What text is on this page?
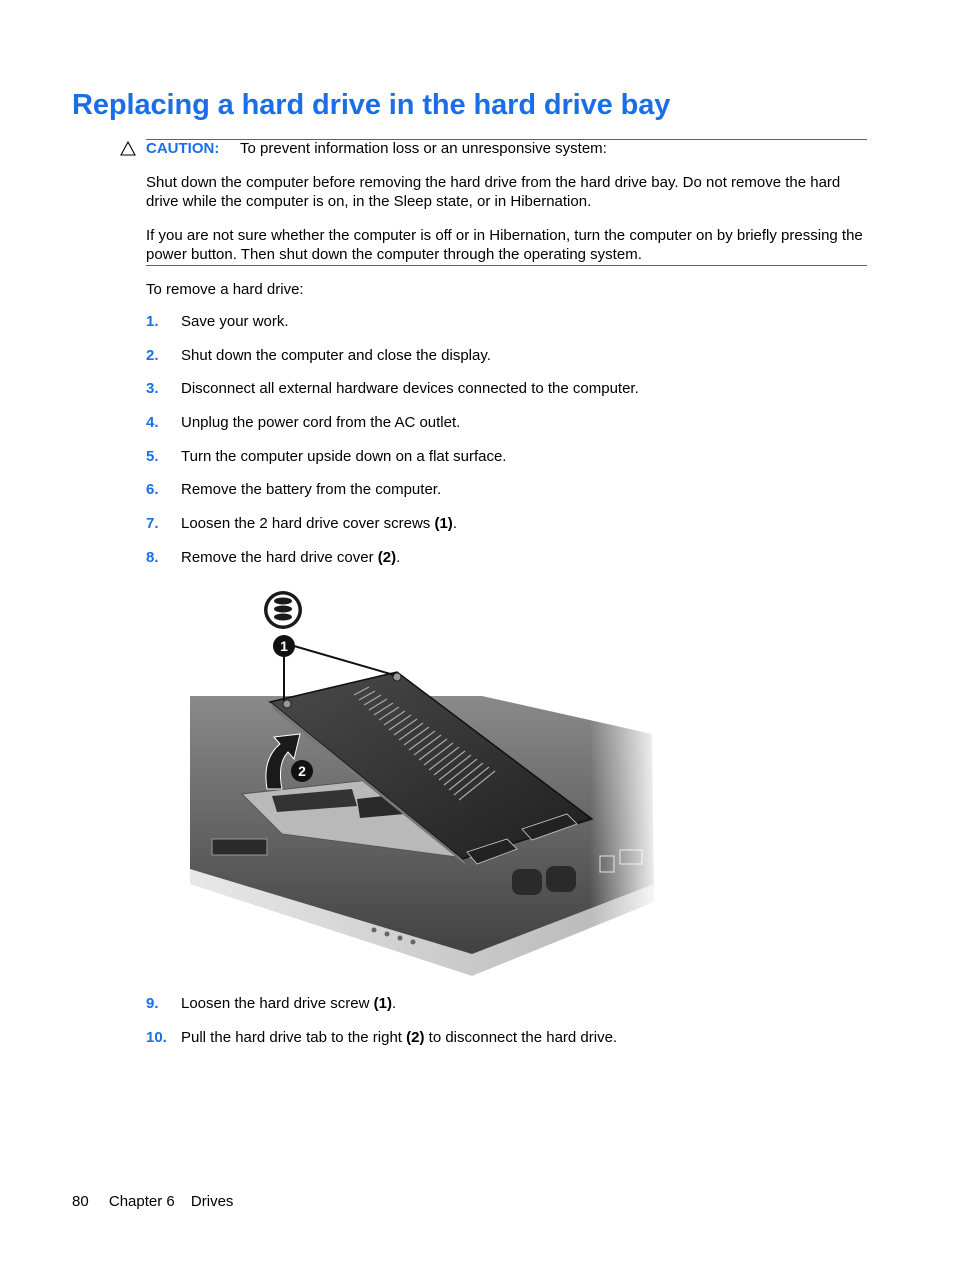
Replacing a hard drive in the hard drive bay
CAUTION: To prevent information loss or an unresponsive system:

Shut down the computer before removing the hard drive from the hard drive bay. Do not remove the hard drive while the computer is on, in the Sleep state, or in Hibernation.

If you are not sure whether the computer is off or in Hibernation, turn the computer on by briefly pressing the power button. Then shut down the computer through the operating system.

To remove a hard drive:

1. Save your work.
2. Shut down the computer and close the display.
3. Disconnect all external hardware devices connected to the computer.
4. Unplug the power cord from the AC outlet.
5. Turn the computer upside down on a flat surface.
6. Remove the battery from the computer.
7. Loosen the 2 hard drive cover screws (1).
8. Remove the hard drive cover (2).
9. Loosen the hard drive screw (1).
10. Pull the hard drive tab to the right (2) to disconnect the hard drive.
80 Chapter 6 Drives
